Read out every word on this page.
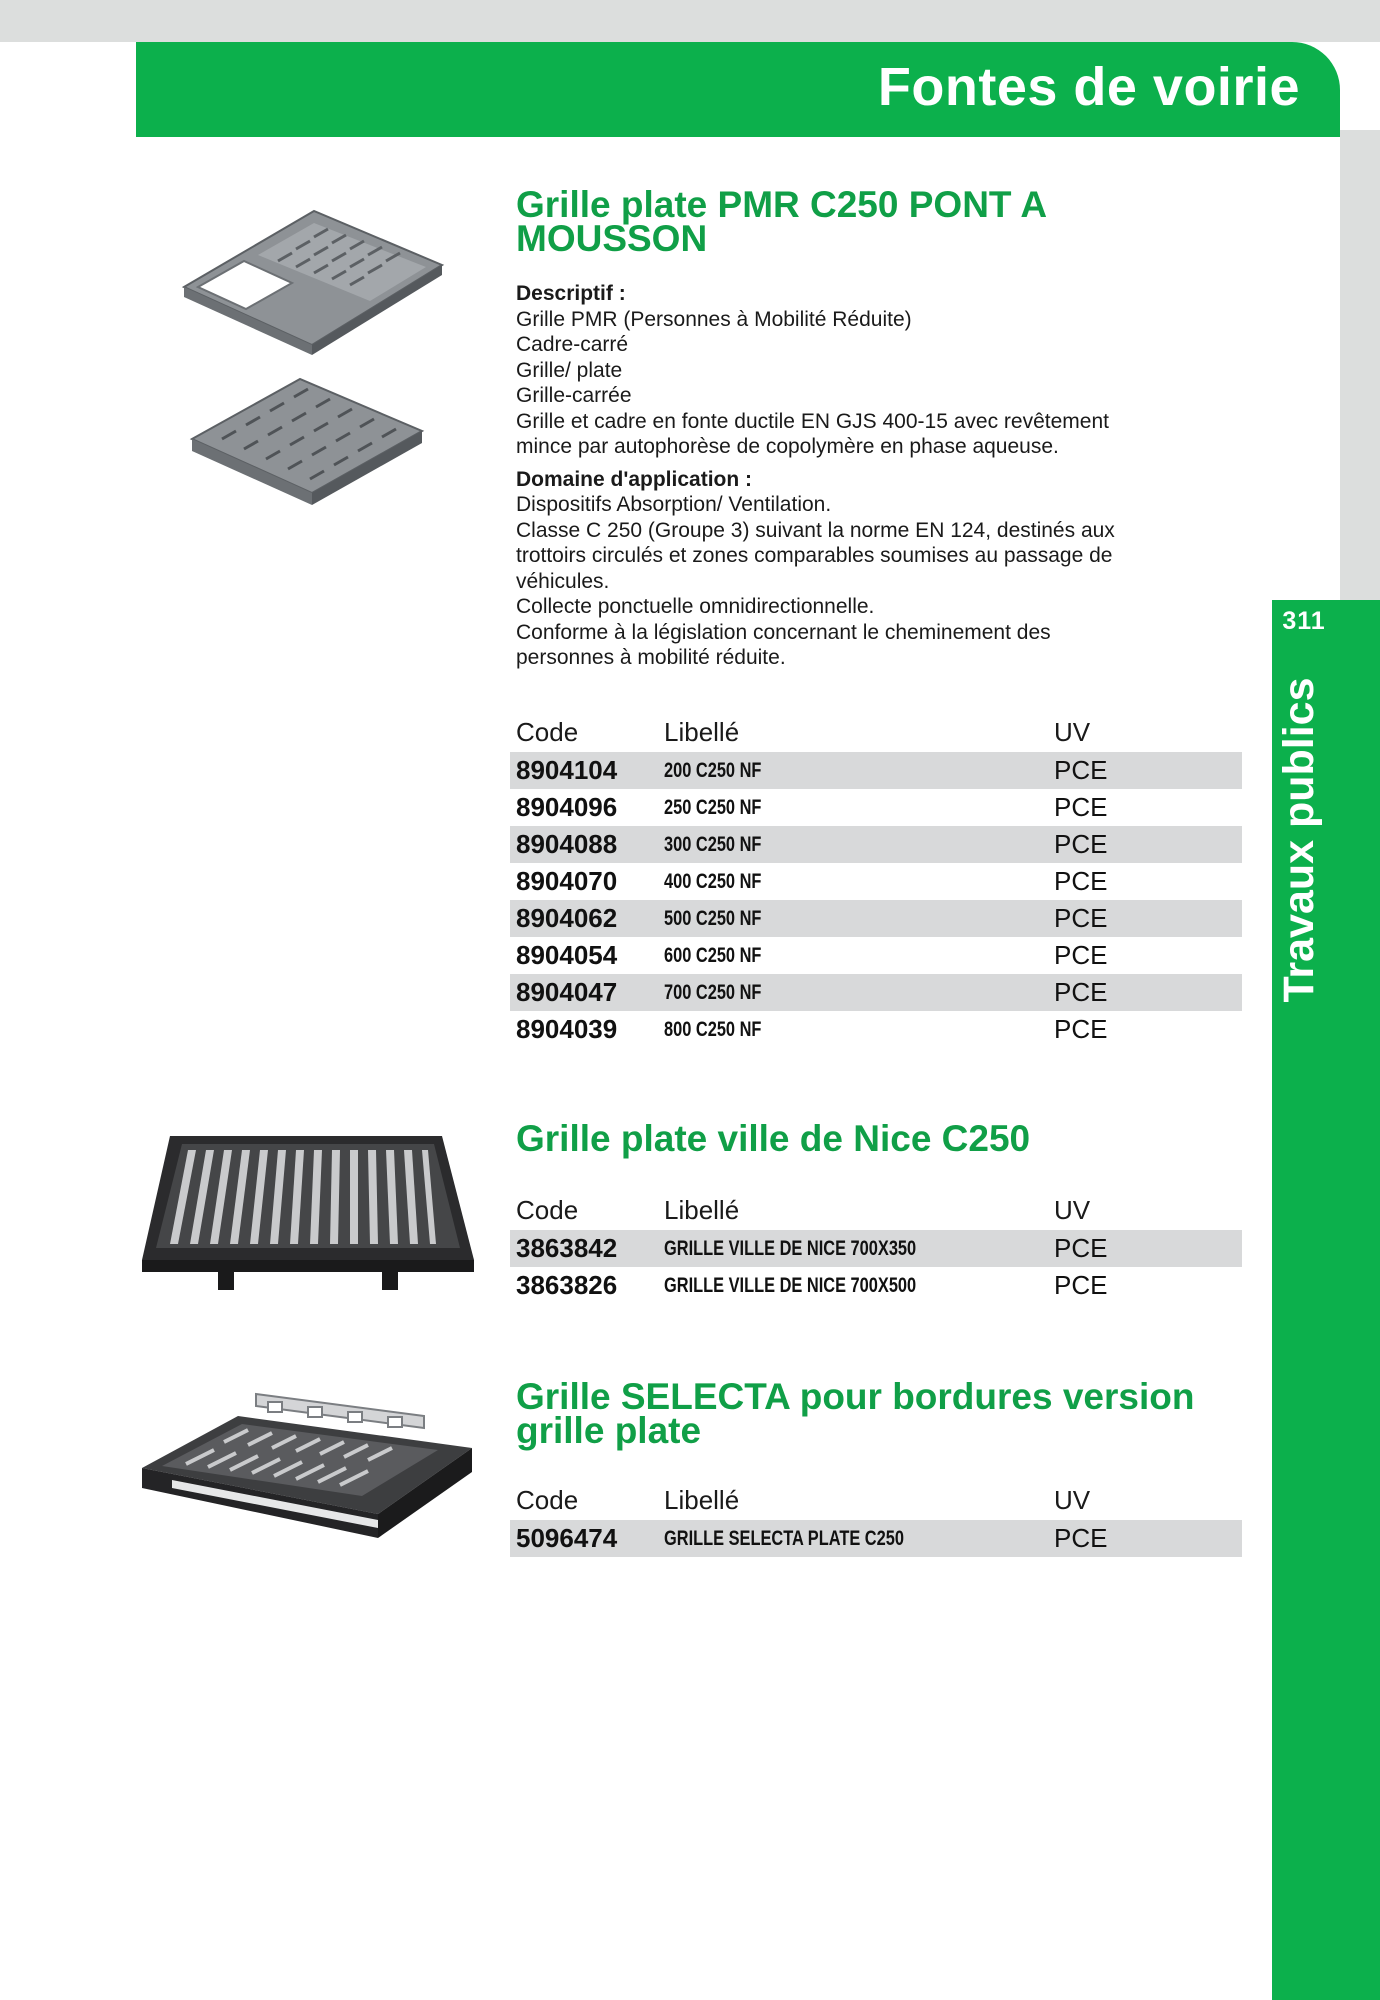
311
Travaux publics
Fontes de voirie
Grille plate PMR C250 PONT A
MOUSSON
Descriptif :
Grille PMR (Personnes à Mobilité Réduite)
Cadre-carré
Grille/ plate
Grille-carrée
Grille et cadre en fonte ductile EN GJS 400-15 avec revêtement
mince par autophorèse de copolymère en phase aqueuse.
Domaine d'application :
Dispositifs Absorption/ Ventilation.
Classe C 250 (Groupe 3) suivant la norme EN 124, destinés aux
trottoirs circulés et zones comparables soumises au passage de
véhicules.
Collecte ponctuelle omnidirectionnelle.
Conforme à la législation concernant le cheminement des
personnes à mobilité réduite.
Code	Libellé	UV
8904104 200 C250 NF	PCE
8904096 250 C250 NF	PCE
8904088 300 C250 NF	PCE
8904070 400 C250 NF	PCE
8904062 500 C250 NF	PCE
8904054 600 C250 NF	PCE
8904047 700 C250 NF	PCE
8904039 800 C250 NF	PCE
Grille plate ville de Nice C250
Code	Libellé	UV
3863842 GRILLE VILLE DE NICE 700X350	PCE
3863826 GRILLE VILLE DE NICE 700X500	PCE
Grille SELECTA pour bordures version
grille plate
Code	Libellé	UV
5096474 GRILLE SELECTA PLATE C250	PCE
